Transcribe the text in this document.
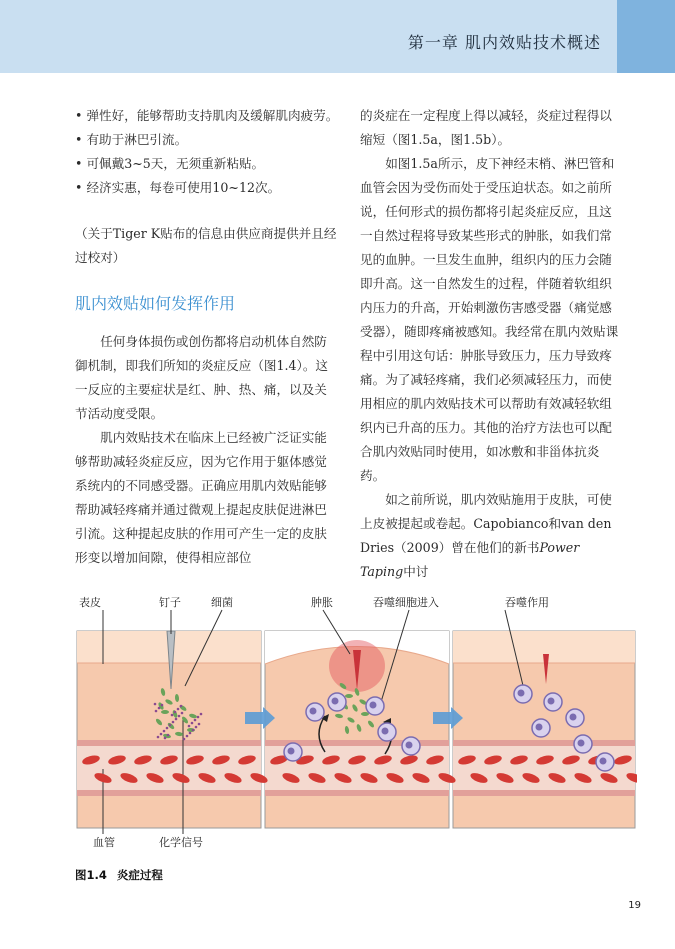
第一章 肌内效贴技术概述
• 弹性好，能够帮助支持肌肉及缓解肌肉疲劳。
• 有助于淋巴引流。
• 可佩戴3~5天，无须重新粘贴。
• 经济实惠，每卷可使用10~12次。

（关于Tiger K贴布的信息由供应商提供并且经过校对）

肌内效贴如何发挥作用

任何身体损伤或创伤都将启动机体自然防御机制，即我们所知的炎症反应（图1.4）。这一反应的主要症状是红、肿、热、痛，以及关节活动度受限。

肌内效贴技术在临床上已经被广泛证实能够帮助减轻炎症反应，因为它作用于躯体感觉系统内的不同感受器。正确应用肌内效贴能够帮助减轻疼痛并通过微观上提起皮肤促进淋巴引流。这种提起皮肤的作用可产生一定的皮肤形变以增加间隙，使得相应部位

的炎症在一定程度上得以减轻，炎症过程得以缩短（图1.5a，图1.5b）。

如图1.5a所示，皮下神经末梢、淋巴管和血管会因为受伤而处于受压迫状态。如之前所说，任何形式的损伤都将引起炎症反应，且这一自然过程将导致某些形式的肿胀，如我们常见的血肿。一旦发生血肿，组织内的压力会随即升高。这一自然发生的过程，伴随着软组织内压力的升高，开始刺激伤害感受器（痛觉感受器），随即疼痛被感知。我经常在肌内效贴课程中引用这句话：肿胀导致压力，压力导致疼痛。为了减轻疼痛，我们必须减轻压力，而使用相应的肌内效贴技术可以帮助有效减轻软组织内已升高的压力。其他的治疗方法也可以配合肌内效贴同时使用，如冰敷和非甾体抗炎药。

如之前所说，肌内效贴施用于皮肤，可使上皮被提起或卷起。Capobianco和van den Dries（2009）曾在他们的新书Power Taping中讨

表皮	钉子	细菌	肿胀	吞噬细胞进入	吞噬作用
血管	化学信号
图1.4 炎症过程
19
